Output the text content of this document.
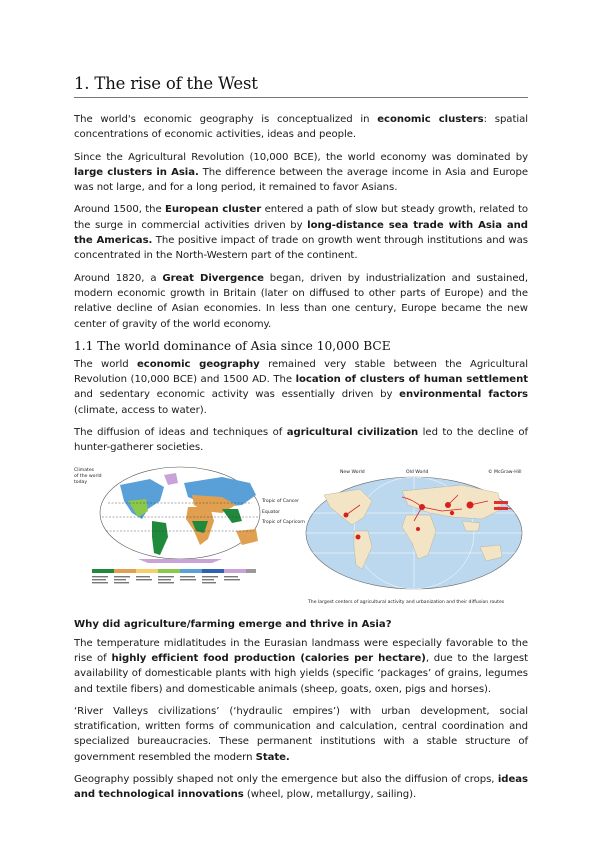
1. The rise of the West

The world's economic geography is conceptualized in economic clusters: spatial concentrations of economic activities, ideas and people.

Since the Agricultural Revolution (10,000 BCE), the world economy was dominated by large clusters in Asia. The difference between the average income in Asia and Europe was not large, and for a long period, it remained to favor Asians.

Around 1500, the European cluster entered a path of slow but steady growth, related to the surge in commercial activities driven by long-distance sea trade with Asia and the Americas. The positive impact of trade on growth went through institutions and was concentrated in the North-Western part of the continent.

Around 1820, a Great Divergence began, driven by industrialization and sustained, modern economic growth in Britain (later on diffused to other parts of Europe) and the relative decline of Asian economies. In less than one century, Europe became the new center of gravity of the world economy.

1.1 The world dominance of Asia since 10,000 BCE

The world economic geography remained very stable between the Agricultural Revolution (10,000 BCE) and 1500 AD. The location of clusters of human settlement and sedentary economic activity was essentially driven by environmental factors (climate, access to water).

The diffusion of ideas and techniques of agricultural civilization led to the decline of hunter-gatherer societies.

Climates
of the world
today
Tropic of Cancer
Equator
Tropic of Capricorn
New World	Old World	© McGraw-Hill
The largest centers of agricultural activity and urbanization and their diffusion routes
Why did agriculture/farming emerge and thrive in Asia?

The temperature midlatitudes in the Eurasian landmass were especially favorable to the rise of highly efficient food production (calories per hectare), due to the largest availability of domesticable plants with high yields (specific ‘packages’ of grains, legumes and textile fibers) and domesticable animals (sheep, goats, oxen, pigs and horses).

‘River Valleys civilizations’ (‘hydraulic empires’) with urban development, social stratification, written forms of communication and calculation, central coordination and specialized bureaucracies. These permanent institutions with a stable structure of government resembled the modern State.

Geography possibly shaped not only the emergence but also the diffusion of crops, ideas and technological innovations (wheel, plow, metallurgy, sailing).
